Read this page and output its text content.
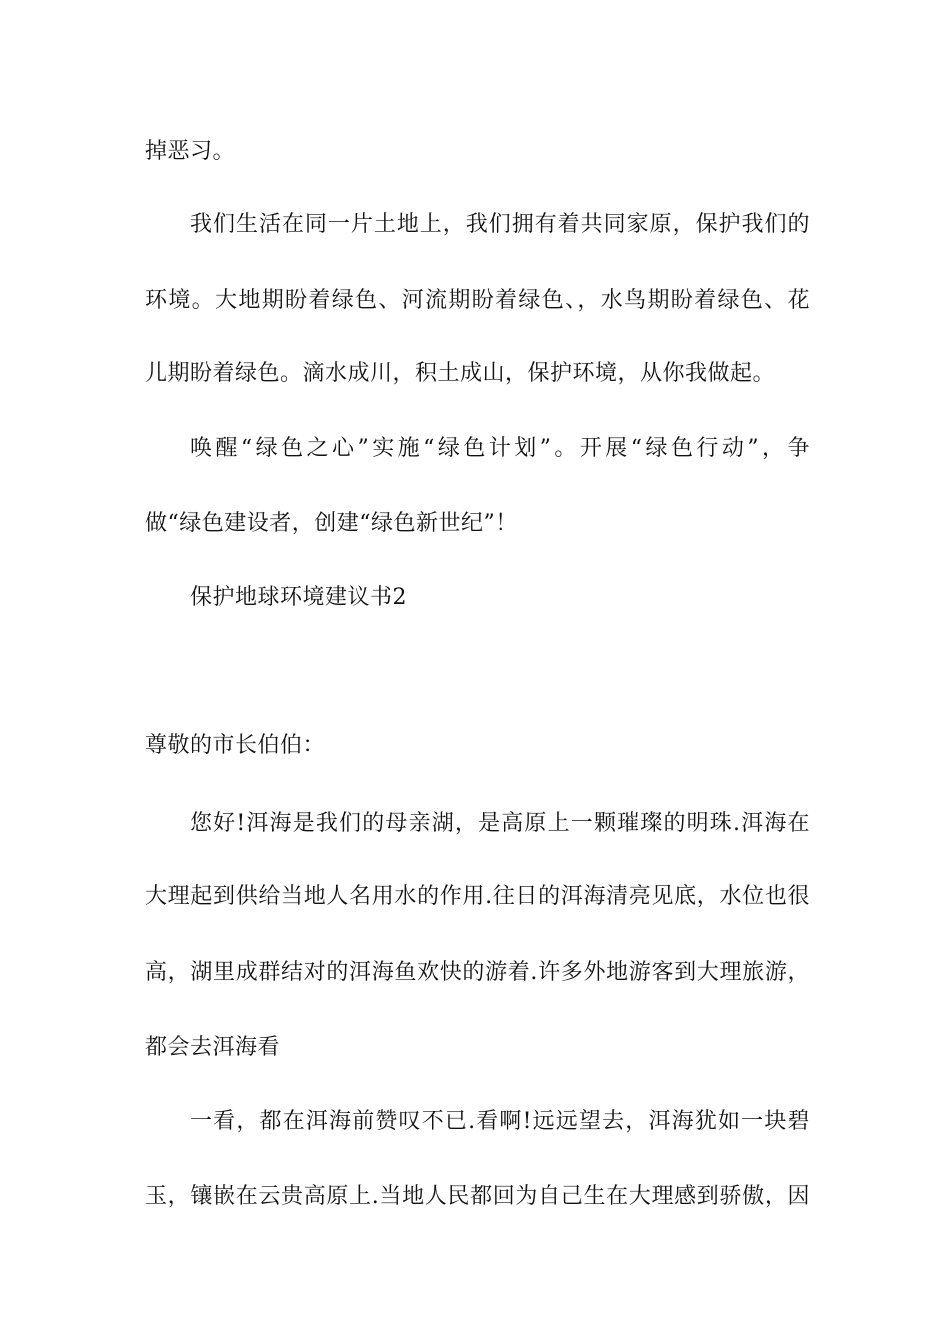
掉恶习。
我们生活在同一片土地上，我们拥有着共同家原，保护我们的
环境。大地期盼着绿色、河流期盼着绿色、，水鸟期盼着绿色、花
儿期盼着绿色。滴水成川，积土成山，保护环境，从你我做起。
唤醒“绿色之心”实施“绿色计划”。开展“绿色行动”，争
做“绿色建设者，创建“绿色新世纪”！
保护地球环境建议书2
尊敬的市长伯伯：
您好!洱海是我们的母亲湖，是高原上一颗璀璨的明珠.洱海在
大理起到供给当地人名用水的作用.往日的洱海清亮见底，水位也很
高，湖里成群结对的洱海鱼欢快的游着.许多外地游客到大理旅游，
都会去洱海看
一看，都在洱海前赞叹不已.看啊!远远望去，洱海犹如一块碧
玉，镶嵌在云贵高原上.当地人民都回为自己生在大理感到骄傲，因
